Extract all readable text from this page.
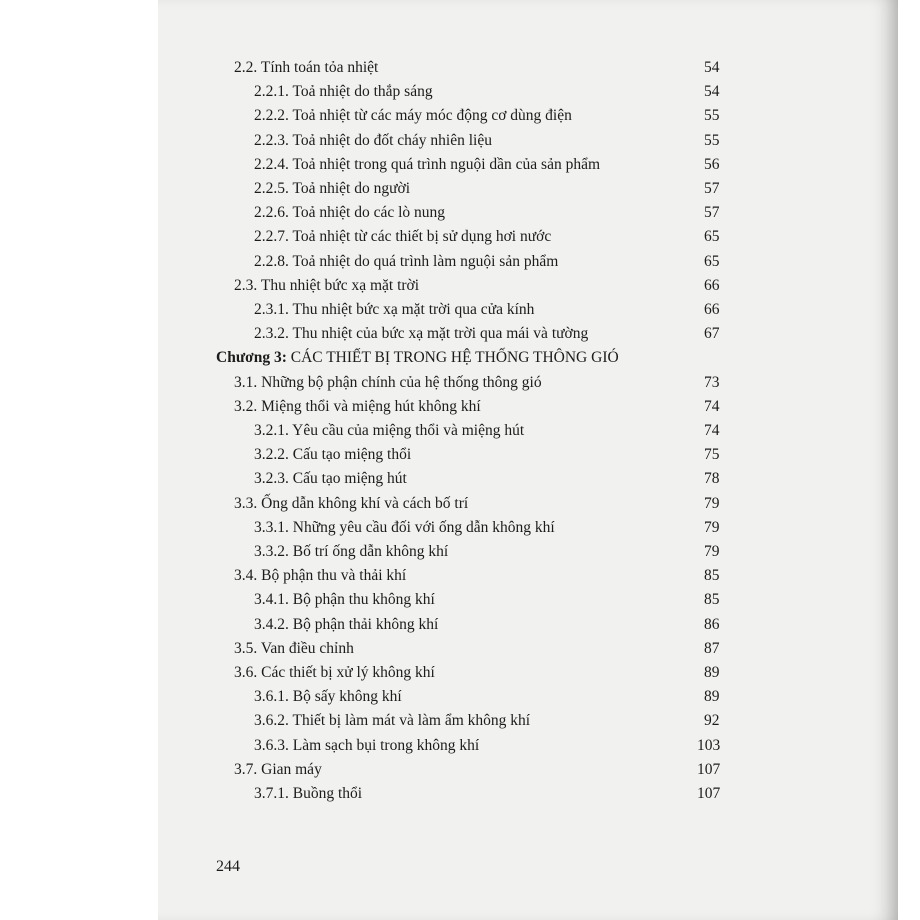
2.2. Tính toán tỏa nhiệt	54
2.2.1. Toả nhiệt do thắp sáng	54
2.2.2. Toả nhiệt từ các máy móc động cơ dùng điện	55
2.2.3. Toả nhiệt do đốt cháy nhiên liệu	55
2.2.4. Toả nhiệt trong quá trình nguội dần của sản phẩm	56
2.2.5. Toả nhiệt do người	57
2.2.6. Toả nhiệt do các lò nung	57
2.2.7. Toả nhiệt từ các thiết bị sử dụng hơi nước	65
2.2.8. Toả nhiệt do quá trình làm nguội sản phẩm	65
2.3. Thu nhiệt bức xạ mặt trời	66
2.3.1. Thu nhiệt bức xạ mặt trời qua cửa kính	66
2.3.2. Thu nhiệt của bức xạ mặt trời qua mái và tường	67
Chương 3: CÁC THIẾT BỊ TRONG HỆ THỐNG THÔNG GIÓ
3.1. Những bộ phận chính của hệ thống thông gió	73
3.2. Miệng thổi và miệng hút không khí	74
3.2.1. Yêu cầu của miệng thổi và miệng hút	74
3.2.2. Cấu tạo miệng thổi	75
3.2.3. Cấu tạo miệng hút	78
3.3. Ống dẫn không khí và cách bố trí	79
3.3.1. Những yêu cầu đối với ống dẫn không khí	79
3.3.2. Bố trí ống dẫn không khí	79
3.4. Bộ phận thu và thải khí	85
3.4.1. Bộ phận thu không khí	85
3.4.2. Bộ phận thải không khí	86
3.5. Van điều chỉnh	87
3.6. Các thiết bị xử lý không khí	89
3.6.1. Bộ sấy không khí	89
3.6.2. Thiết bị làm mát và làm ẩm không khí	92
3.6.3. Làm sạch bụi trong không khí	103
3.7. Gian máy	107
3.7.1. Buồng thổi	107
244
